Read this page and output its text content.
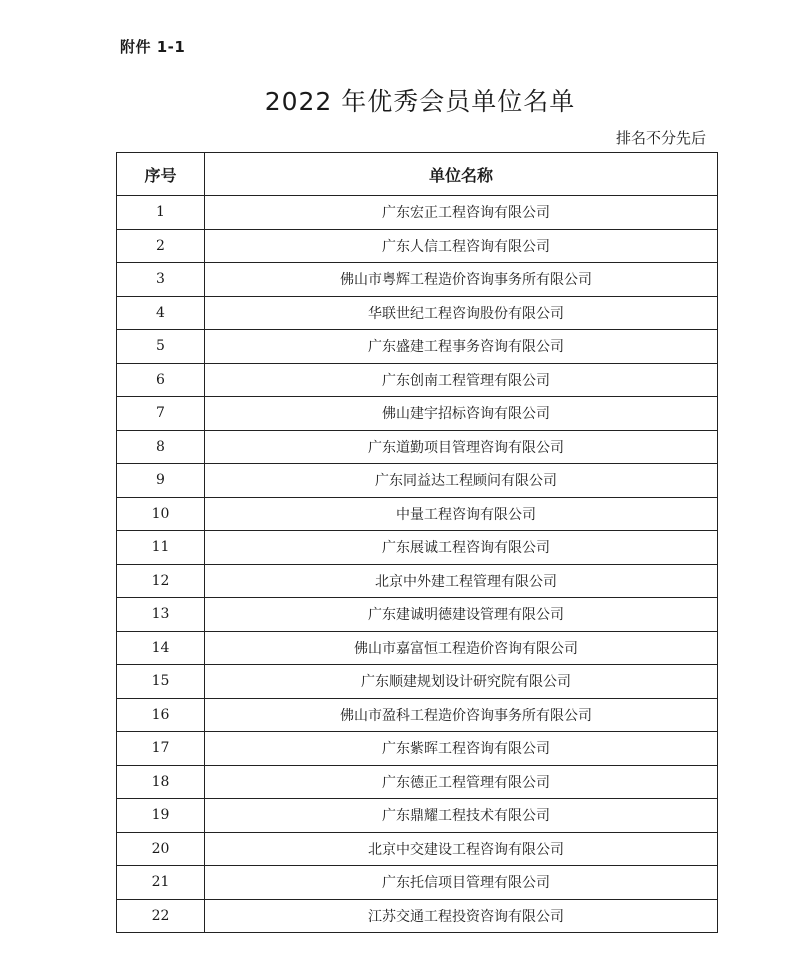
附件 1-1
2022 年优秀会员单位名单
排名不分先后
序号	单位名称
1	广东宏正工程咨询有限公司
2	广东人信工程咨询有限公司
3	佛山市粤辉工程造价咨询事务所有限公司
4	华联世纪工程咨询股份有限公司
5	广东盛建工程事务咨询有限公司
6	广东创南工程管理有限公司
7	佛山建宇招标咨询有限公司
8	广东道勤项目管理咨询有限公司
9	广东同益达工程顾问有限公司
10	中量工程咨询有限公司
11	广东展诚工程咨询有限公司
12	北京中外建工程管理有限公司
13	广东建诚明德建设管理有限公司
14	佛山市嘉富恒工程造价咨询有限公司
15	广东顺建规划设计研究院有限公司
16	佛山市盈科工程造价咨询事务所有限公司
17	广东紫晖工程咨询有限公司
18	广东德正工程管理有限公司
19	广东鼎耀工程技术有限公司
20	北京中交建设工程咨询有限公司
21	广东托信项目管理有限公司
22	江苏交通工程投资咨询有限公司
